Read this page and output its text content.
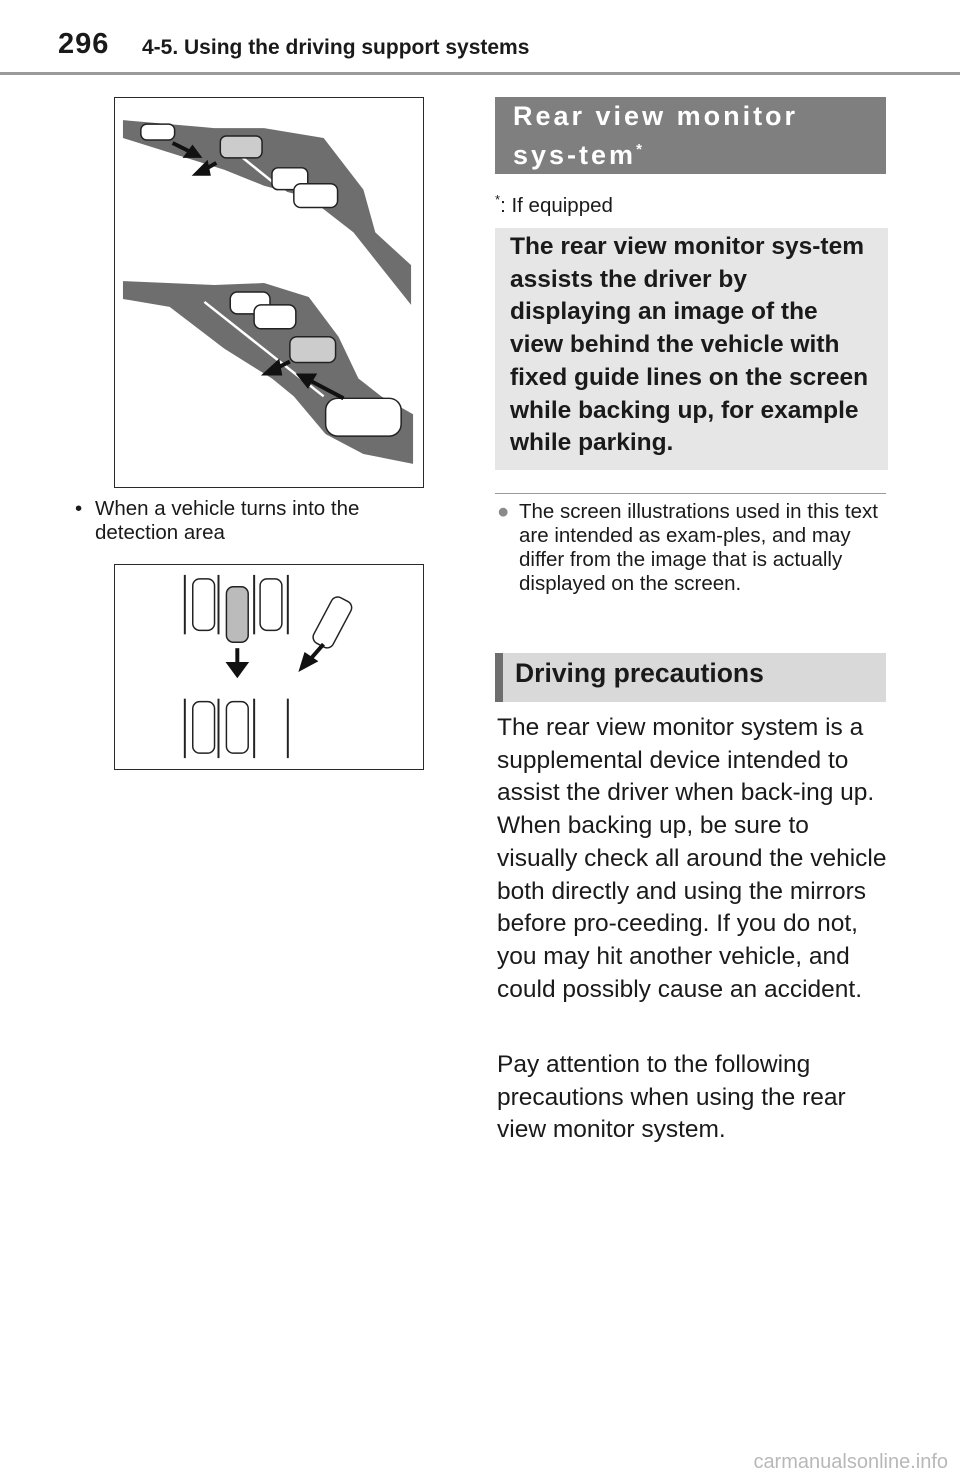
296 4-5. Using the driving support systems
• When a vehicle turns into the detection area
Rear view monitor sys-tem*
*: If equipped
The rear view monitor sys-tem assists the driver by displaying an image of the view behind the vehicle with fixed guide lines on the screen while backing up, for example while parking.
● The screen illustrations used in this text are intended as exam-ples, and may differ from the image that is actually displayed on the screen.
Driving precautions
The rear view monitor system is a supplemental device intended to assist the driver when back-ing up. When backing up, be sure to visually check all around the vehicle both directly and using the mirrors before pro-ceeding. If you do not, you may hit another vehicle, and could possibly cause an accident.
Pay attention to the following precautions when using the rear view monitor system.
carmanualsonline.info
